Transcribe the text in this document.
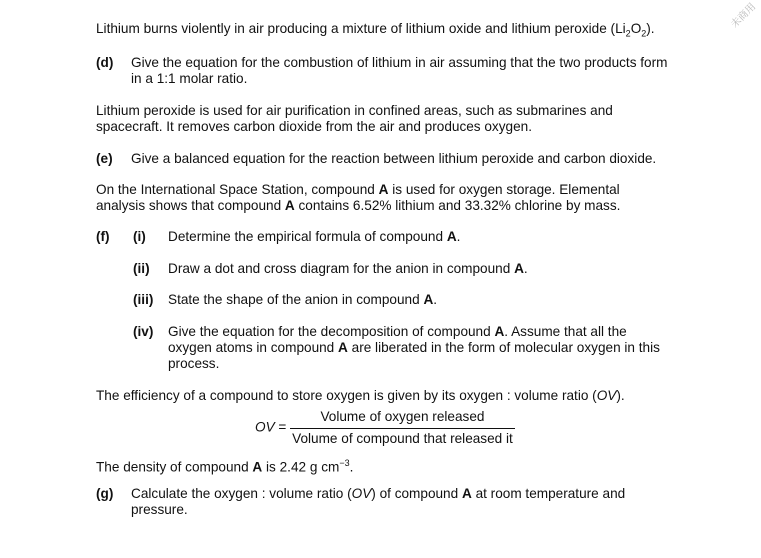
未商用
Lithium burns violently in air producing a mixture of lithium oxide and lithium peroxide $(Li_2O_2)$.
(d) Give the equation for the combustion of lithium in air assuming that the two products form
in a 1:1 molar ratio.
Lithium peroxide is used for air purification in confined areas, such as submarines and
spacecraft. It removes carbon dioxide from the air and produces oxygen.
(e) Give a balanced equation for the reaction between lithium peroxide and carbon dioxide.
On the International Space Station, compound A is used for oxygen storage. Elemental
analysis shows that compound A contains 6.52% lithium and 33.32% chlorine by mass.
(f) (i) Determine the empirical formula of compound A.
(ii) Draw a dot and cross diagram for the anion in compound A.
(iii) State the shape of the anion in compound A.
(iv) Give the equation for the decomposition of compound A. Assume that all the
oxygen atoms in compound A are liberated in the form of molecular oxygen in this
process.
The efficiency of a compound to store oxygen is given by its oxygen : volume ratio (OV).
OV = $\frac{\text{Volume of oxygen released}}{\text{Volume of compound that released it}}$
The density of compound A is 2.42 g $cm^{-3}$.
(g) Calculate the oxygen : volume ratio (OV) of compound A at room temperature and
pressure.
